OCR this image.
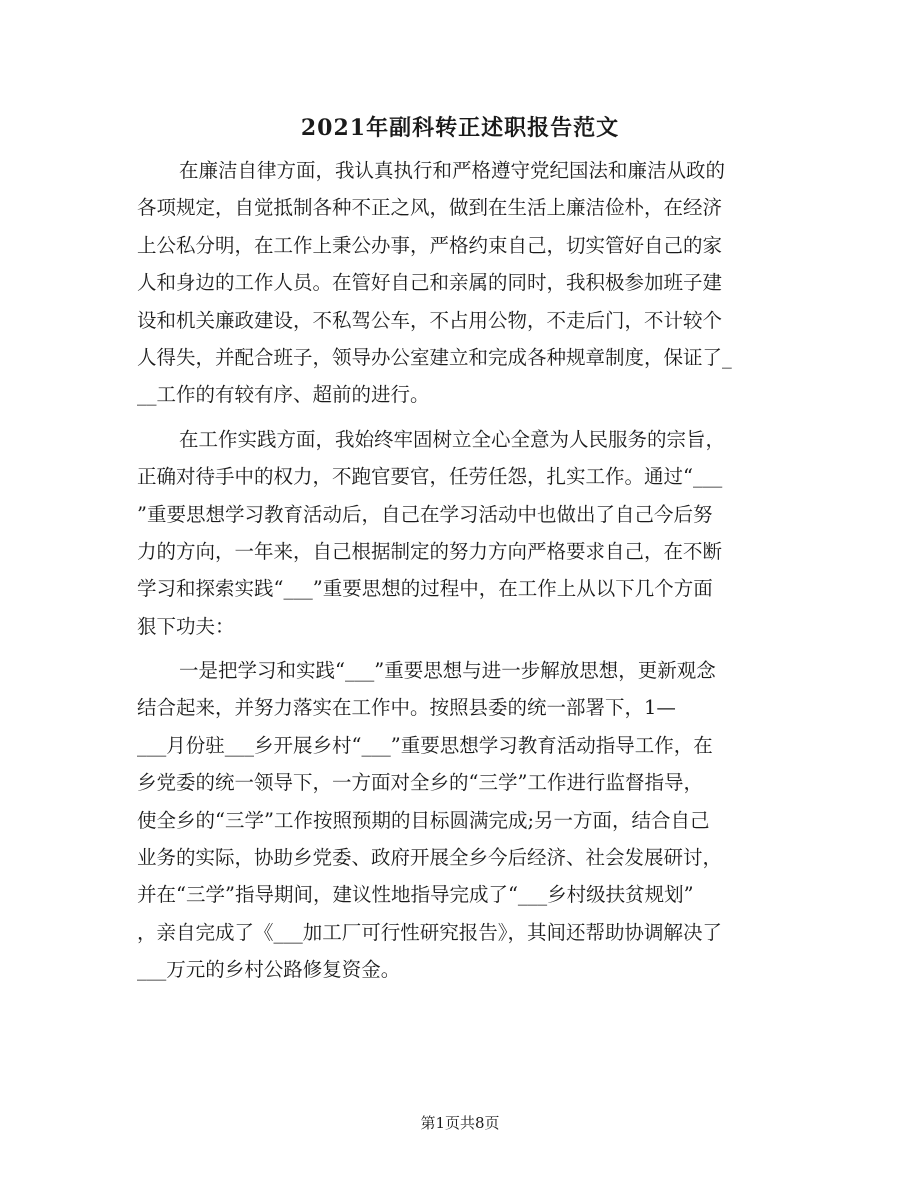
2021年副科转正述职报告范文
在廉洁自律方面，我认真执行和严格遵守党纪国法和廉洁从政的
各项规定，自觉抵制各种不正之风，做到在生活上廉洁俭朴，在经济
上公私分明，在工作上秉公办事，严格约束自己，切实管好自己的家
人和身边的工作人员。在管好自己和亲属的同时，我积极参加班子建
设和机关廉政建设，不私驾公车，不占用公物，不走后门，不计较个
人得失，并配合班子，领导办公室建立和完成各种规章制度，保证了_
__工作的有较有序、超前的进行。
在工作实践方面，我始终牢固树立全心全意为人民服务的宗旨，
正确对待手中的权力，不跑官要官，任劳任怨，扎实工作。通过“___
”重要思想学习教育活动后，自己在学习活动中也做出了自己今后努
力的方向，一年来，自己根据制定的努力方向严格要求自己，在不断
学习和探索实践“___”重要思想的过程中，在工作上从以下几个方面
狠下功夫：
一是把学习和实践“___”重要思想与进一步解放思想，更新观念
结合起来，并努力落实在工作中。按照县委的统一部署下，1—
___月份驻___乡开展乡村“___”重要思想学习教育活动指导工作，在
乡党委的统一领导下，一方面对全乡的“三学”工作进行监督指导，
使全乡的“三学”工作按照预期的目标圆满完成;另一方面，结合自己
业务的实际，协助乡党委、政府开展全乡今后经济、社会发展研讨，
并在“三学”指导期间，建议性地指导完成了“___乡村级扶贫规划”
，亲自完成了《___加工厂可行性研究报告》，其间还帮助协调解决了
___万元的乡村公路修复资金。
第1页共8页
